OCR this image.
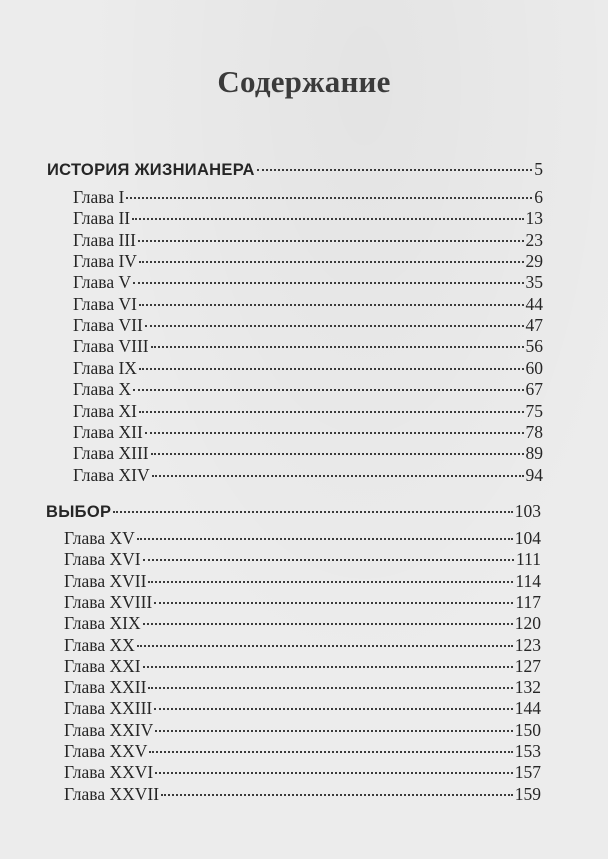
Содержание
ИСТОРИЯ ЖИЗНИАНЕРА	5
Глава I	6
Глава II	13
Глава III	23
Глава IV	29
Глава V	35
Глава VI	44
Глава VII	47
Глава VIII	56
Глава IX	60
Глава X	67
Глава XI	75
Глава XII	78
Глава XIII	89
Глава XIV	94
ВЫБОР	103
Глава XV	104
Глава XVI	111
Глава XVII	114
Глава XVIII	117
Глава XIX	120
Глава XX	123
Глава XXI	127
Глава XXII	132
Глава XXIII	144
Глава XXIV	150
Глава XXV	153
Глава XXVI	157
Глава XXVII	159
